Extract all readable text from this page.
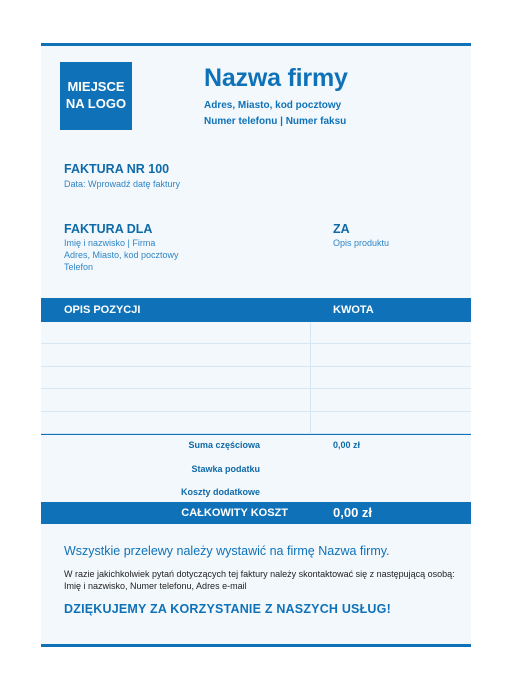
MIEJSCE
NA LOGO
Nazwa firmy
Adres, Miasto, kod pocztowy
Numer telefonu | Numer faksu
FAKTURA NR 100
Data: Wprowadź datę faktury
FAKTURA DLA
Imię i nazwisko | Firma
Adres, Miasto, kod pocztowy
Telefon
ZA
Opis produktu
OPIS POZYCJI	KWOTA
Suma częściowa	0,00 zł
Stawka podatku
Koszty dodatkowe
CAŁKOWITY KOSZT	0,00 zł
Wszystkie przelewy należy wystawić na firmę Nazwa firmy.
W razie jakichkolwiek pytań dotyczących tej faktury należy skontaktować się z następującą osobą:
Imię i nazwisko, Numer telefonu, Adres e-mail
DZIĘKUJEMY ZA KORZYSTANIE Z NASZYCH USŁUG!
